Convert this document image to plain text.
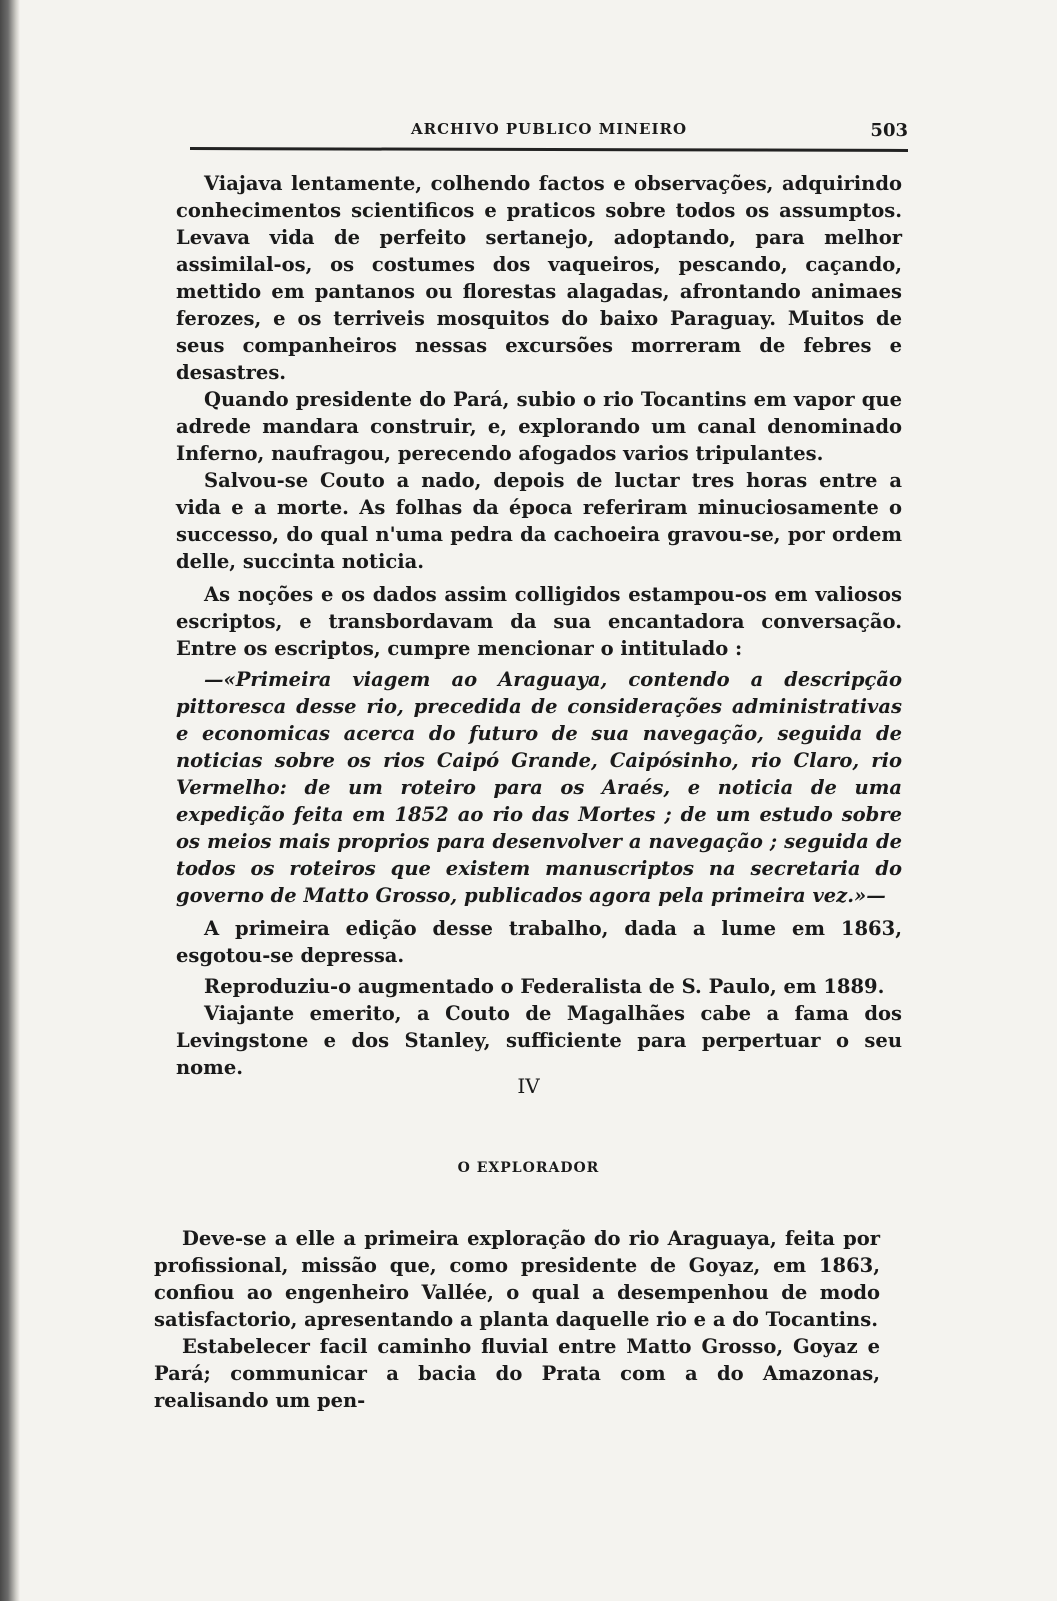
ARCHIVO PUBLICO MINEIRO	503

Viajava lentamente, colhendo factos e observações, adquirindo conhecimentos scientificos e praticos sobre todos os assumptos. Levava vida de perfeito sertanejo, adoptando, para melhor assimilal-os, os costumes dos vaqueiros, pescando, caçando, mettido em pantanos ou florestas alagadas, afrontando animaes ferozes, e os terriveis mosquitos do baixo Paraguay. Muitos de seus companheiros nessas excursões morreram de febres e desastres.

Quando presidente do Pará, subio o rio Tocantins em vapor que adrede mandara construir, e, explorando um canal denominado Inferno, naufragou, perecendo afogados varios tripulantes.

Salvou-se Couto a nado, depois de luctar tres horas entre a vida e a morte. As folhas da época referiram minuciosamente o successo, do qual n'uma pedra da cachoeira gravou-se, por ordem delle, succinta noticia.

As noções e os dados assim colligidos estampou-os em valiosos escriptos, e transbordavam da sua encantadora conversação. Entre os escriptos, cumpre mencionar o intitulado :

—«Primeira viagem ao Araguaya, contendo a descripção pittoresca desse rio, precedida de considerações administrativas e economicas acerca do futuro de sua navegação, seguida de noticias sobre os rios Caipó Grande, Caipósinho, rio Claro, rio Vermelho: de um roteiro para os Araés, e noticia de uma expedição feita em 1852 ao rio das Mortes ; de um estudo sobre os meios mais proprios para desenvolver a navegação ; seguida de todos os roteiros que existem manuscriptos na secretaria do governo de Matto Grosso, publicados agora pela primeira vez.»—

A primeira edição desse trabalho, dada a lume em 1863, esgotou-se depressa.

Reproduziu-o augmentado o Federalista de S. Paulo, em 1889.

Viajante emerito, a Couto de Magalhães cabe a fama dos Levingstone e dos Stanley, sufficiente para perpertuar o seu nome.

IV
O EXPLORADOR

Deve-se a elle a primeira exploração do rio Araguaya, feita por profissional, missão que, como presidente de Goyaz, em 1863, confiou ao engenheiro Vallée, o qual a desempenhou de modo satisfactorio, apresentando a planta daquelle rio e a do Tocantins.

Estabelecer facil caminho fluvial entre Matto Grosso, Goyaz e Pará; communicar a bacia do Prata com a do Amazonas, realisando um pen-
